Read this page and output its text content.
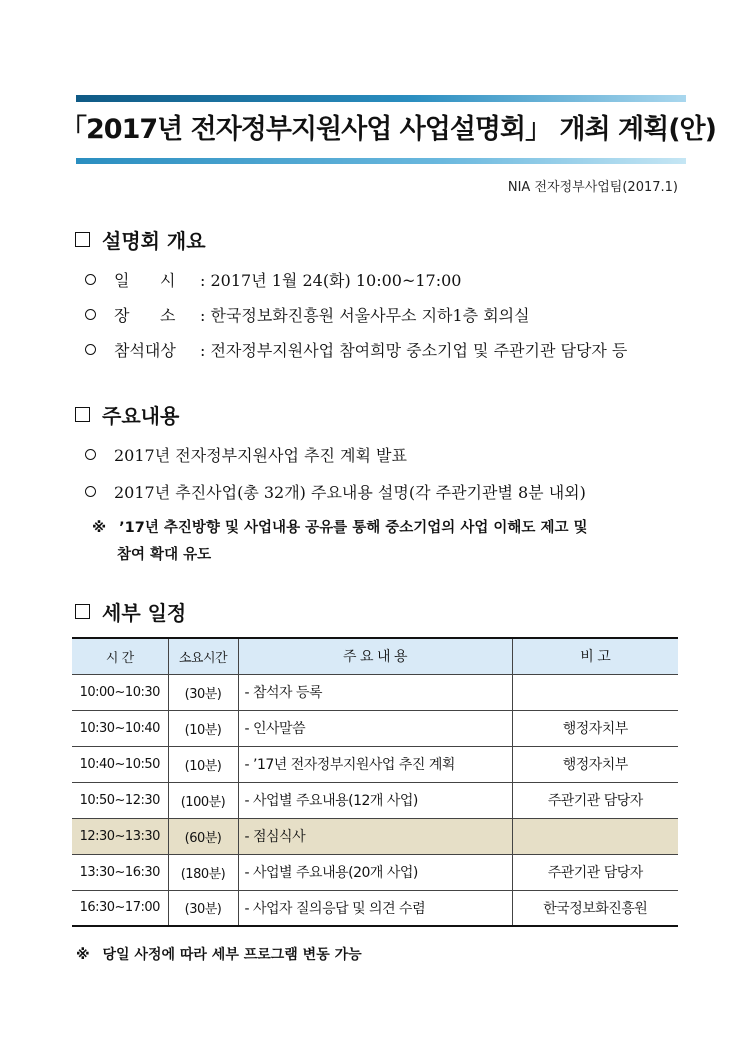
「2017년 전자정부지원사업 사업설명회」 개최 계획(안)
NIA 전자정부사업팀(2017.1)
설명회 개요
일      시	: 2017년 1월 24(화) 10:00~17:00
장      소	: 한국정보화진흥원 서울사무소 지하1층 회의실
참석대상	: 전자정부지원사업 참여희망 중소기업 및 주관기관 담당자 등
주요내용
2017년 전자정부지원사업 추진 계획 발표
2017년 추진사업(총 32개) 주요내용 설명(각 주관기관별 8분 내외)
※ ’17년 추진방향 및 사업내용 공유를 통해 중소기업의 사업 이해도 제고 및
참여 확대 유도
세부 일정
시 간	소요시간	주 요 내 용	비 고
10:00~10:30	(30분)	- 참석자 등록	
10:30~10:40	(10분)	- 인사말씀	행정자치부
10:40~10:50	(10분)	- ’17년 전자정부지원사업 추진 계획	행정자치부
10:50~12:30	(100분)	- 사업별 주요내용(12개 사업)	주관기관 담당자
12:30~13:30	(60분)	- 점심식사	
13:30~16:30	(180분)	- 사업별 주요내용(20개 사업)	주관기관 담당자
16:30~17:00	(30분)	- 사업자 질의응답 및 의견 수렴	한국정보화진흥원
※ 당일 사정에 따라 세부 프로그램 변동 가능
